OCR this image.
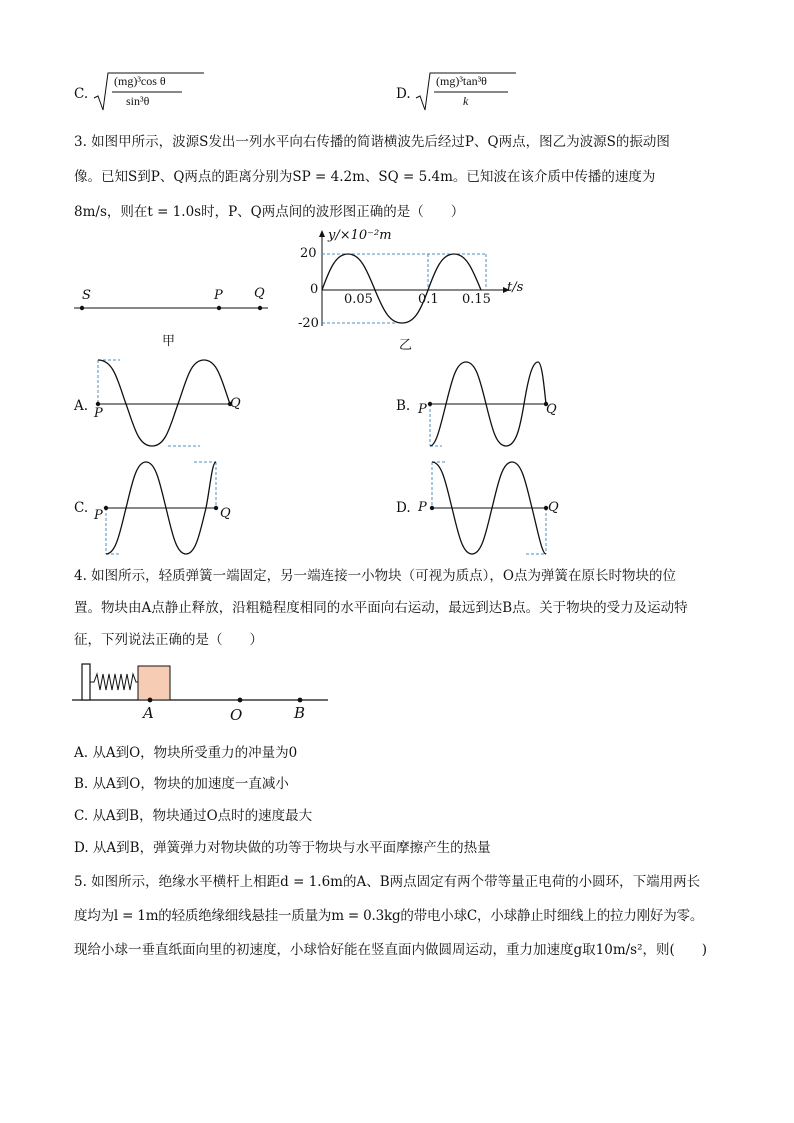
C.
(mg)³cos θ
sin³θ	D.
(mg)³tan³θ
k
3. 如图甲所示，波源S发出一列水平向右传播的简谐横波先后经过P、Q两点，图乙为波源S的振动图
像。已知S到P、Q两点的距离分别为SP = 4.2m、SQ = 5.4m。已知波在该介质中传播的速度为
8m/s，则在t = 1.0s时，P、Q两点间的波形图正确的是（　　）
S	P Q
甲
y/×10⁻²m
t/s
20
0
-20
0.05	0.1 0.15
乙
A. P
Q	B. P	Q
C. P	Q	D. P	Q
4. 如图所示，轻质弹簧一端固定，另一端连接一小物块（可视为质点），O点为弹簧在原长时物块的位
置。物块由A点静止释放，沿粗糙程度相同的水平面向右运动，最远到达B点。关于物块的受力及运动特
征，下列说法正确的是（　　）
A	O	B
A. 从A到O，物块所受重力的冲量为0
B. 从A到O，物块的加速度一直减小
C. 从A到B，物块通过O点时的速度最大
D. 从A到B，弹簧弹力对物块做的功等于物块与水平面摩擦产生的热量
5. 如图所示，绝缘水平横杆上相距d = 1.6m的A、B两点固定有两个带等量正电荷的小圆环，下端用两长
度均为l = 1m的轻质绝缘细线悬挂一质量为m = 0.3kg的带电小球C，小球静止时细线上的拉力刚好为零。
现给小球一垂直纸面向里的初速度，小球恰好能在竖直面内做圆周运动，重力加速度g取10m/s²，则(　　)
